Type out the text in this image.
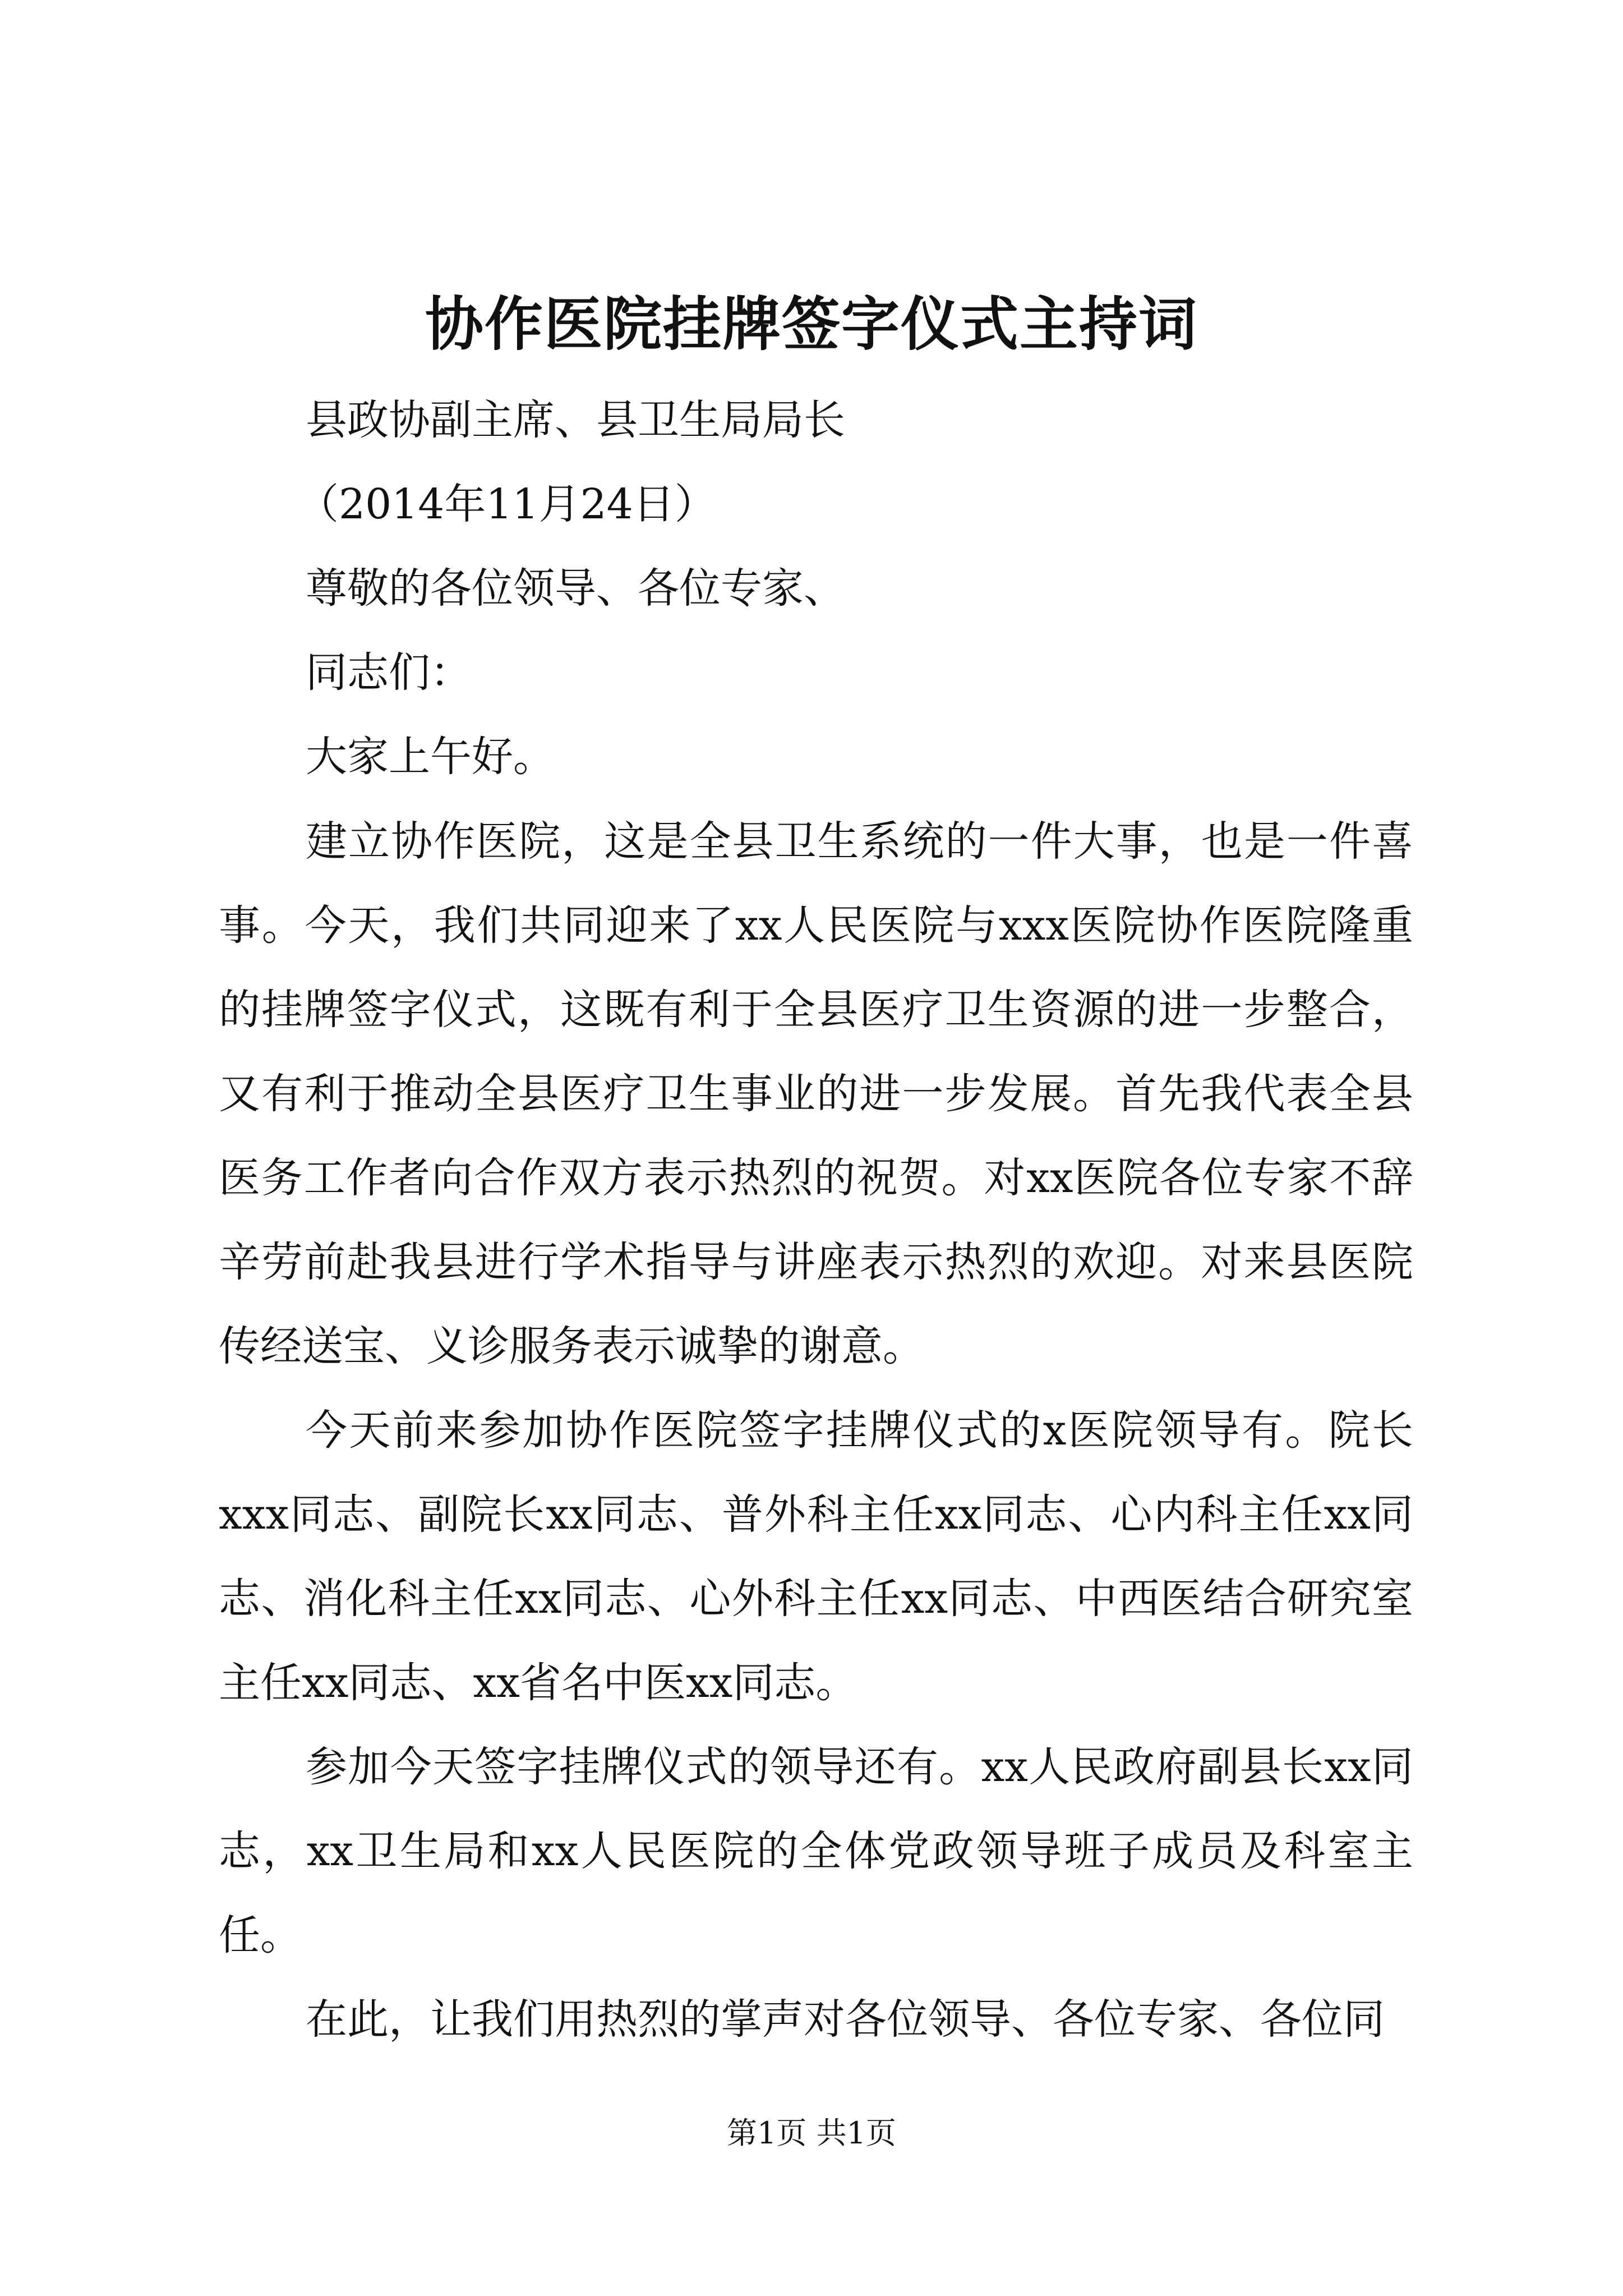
协作医院挂牌签字仪式主持词
县政协副主席、县卫生局局长
（2014年11月24日）
尊敬的各位领导、各位专家、
同志们：
大家上午好。
建立协作医院，这是全县卫生系统的一件大事，也是一件喜事。今天，我们共同迎来了xx人民医院与xxx医院协作医院隆重的挂牌签字仪式，这既有利于全县医疗卫生资源的进一步整合，又有利于推动全县医疗卫生事业的进一步发展。首先我代表全县医务工作者向合作双方表示热烈的祝贺。对xx医院各位专家不辞辛劳前赴我县进行学术指导与讲座表示热烈的欢迎。对来县医院传经送宝、义诊服务表示诚挚的谢意。
今天前来参加协作医院签字挂牌仪式的x医院领导有。院长xxx同志、副院长xx同志、普外科主任xx同志、心内科主任xx同志、消化科主任xx同志、心外科主任xx同志、中西医结合研究室主任xx同志、xx省名中医xx同志。
参加今天签字挂牌仪式的领导还有。xx人民政府副县长xx同志，xx卫生局和xx人民医院的全体党政领导班子成员及科室主任。
在此，让我们用热烈的掌声对各位领导、各位专家、各位同
第1页 共1页
